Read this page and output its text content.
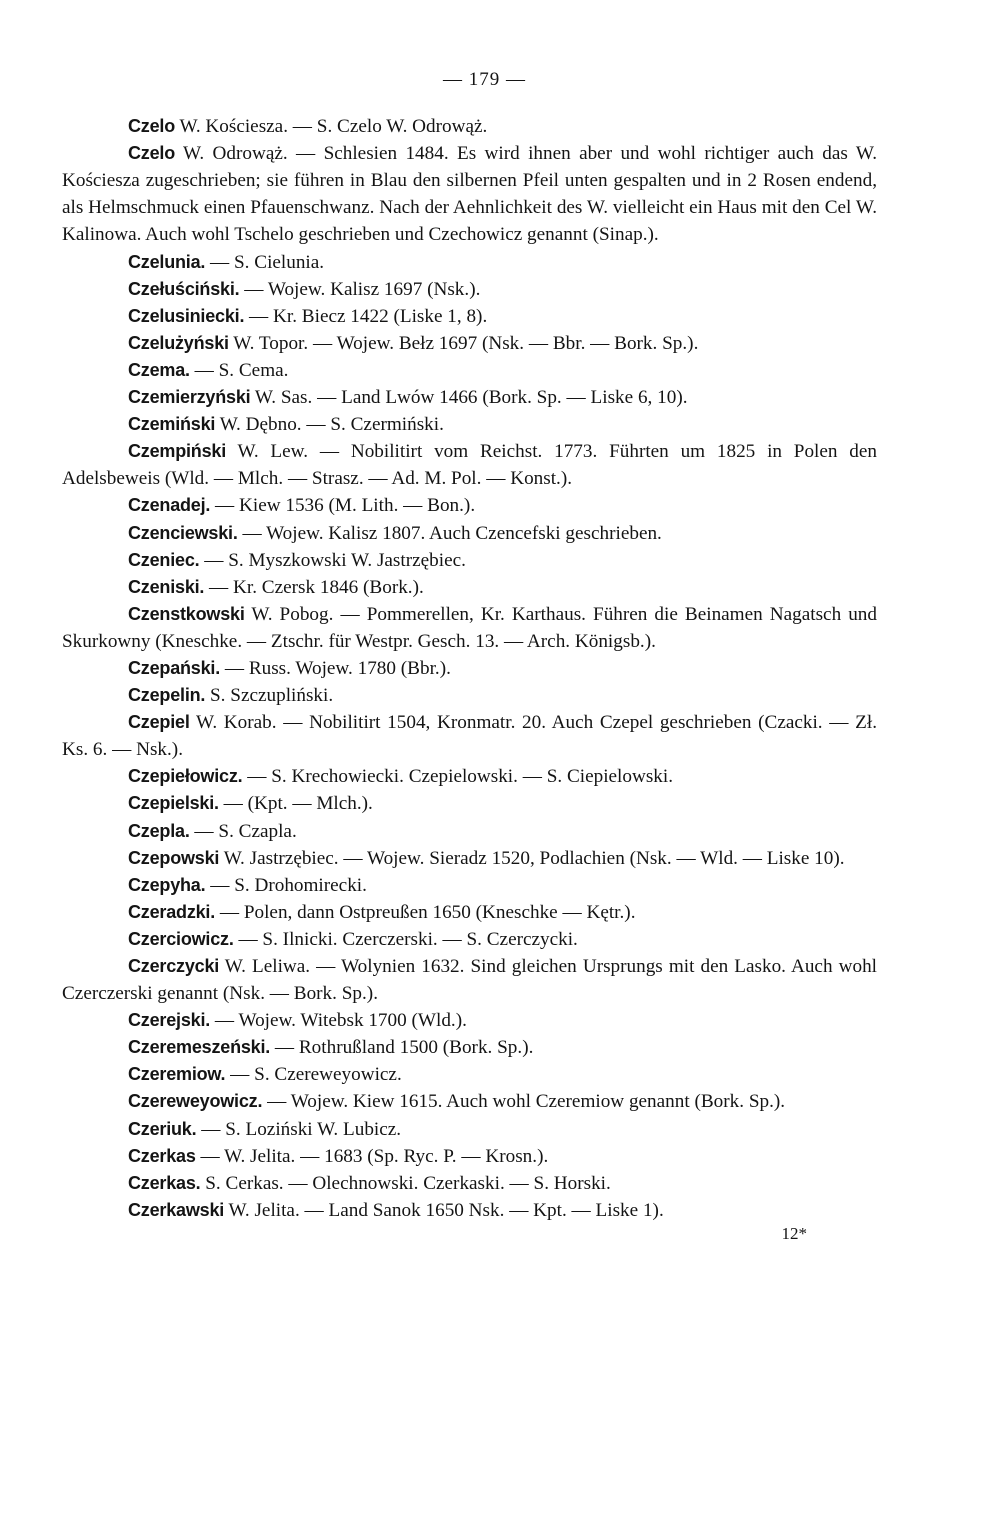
— 179 —

Czelo W. Kościesza. — S. Czelo W. Odrowąż.

Czelo W. Odrowąż. — Schlesien 1484. Es wird ihnen aber und wohl richtiger auch das W. Kościesza zugeschrieben; sie führen in Blau den silbernen Pfeil unten gespalten und in 2 Rosen endend, als Helmschmuck einen Pfauenschwanz. Nach der Aehnlichkeit des W. vielleicht ein Haus mit den Cel W. Kalinowa. Auch wohl Tschelo geschrieben und Czechowicz genannt (Sinap.).

Czelunia. — S. Cielunia.

Czełuściński. — Wojew. Kalisz 1697 (Nsk.).

Czelusiniecki. — Kr. Biecz 1422 (Liske 1, 8).

Czelużyński W. Topor. — Wojew. Bełz 1697 (Nsk. — Bbr. — Bork. Sp.).

Czema. — S. Cema.

Czemierzyński W. Sas. — Land Lwów 1466 (Bork. Sp. — Liske 6, 10).

Czemiński W. Dębno. — S. Czermiński.

Czempiński W. Lew. — Nobilitirt vom Reichst. 1773. Führten um 1825 in Polen den Adelsbeweis (Wld. — Mlch. — Strasz. — Ad. M. Pol. — Konst.).

Czenadej. — Kiew 1536 (M. Lith. — Bon.).

Czenciewski. — Wojew. Kalisz 1807. Auch Czencefski geschrieben.

Czeniec. — S. Myszkowski W. Jastrzębiec.

Czeniski. — Kr. Czersk 1846 (Bork.).

Czenstkowski W. Pobog. — Pommerellen, Kr. Karthaus. Führen die Beinamen Nagatsch und Skurkowny (Kneschke. — Ztschr. für Westpr. Gesch. 13. — Arch. Königsb.).

Czepański. — Russ. Wojew. 1780 (Bbr.).

Czepelin. S. Szczupliński.

Czepiel W. Korab. — Nobilitirt 1504, Kronmatr. 20. Auch Czepel geschrieben (Czacki. — Zł. Ks. 6. — Nsk.).

Czepiełowicz. — S. Krechowiecki. Czepielowski. — S. Ciepielowski.

Czepielski. — (Kpt. — Mlch.).

Czepla. — S. Czapla.

Czepowski W. Jastrzębiec. — Wojew. Sieradz 1520, Podlachien (Nsk. — Wld. — Liske 10).

Czepyha. — S. Drohomirecki.

Czeradzki. — Polen, dann Ostpreußen 1650 (Kneschke — Kętr.).

Czerciowicz. — S. Ilnicki. Czerczerski. — S. Czerczycki.

Czerczycki W. Leliwa. — Wolynien 1632. Sind gleichen Ursprungs mit den Lasko. Auch wohl Czerczerski genannt (Nsk. — Bork. Sp.).

Czerejski. — Wojew. Witebsk 1700 (Wld.).

Czeremeszeński. — Rothrußland 1500 (Bork. Sp.).

Czeremiow. — S. Czereweyowicz.

Czereweyowicz. — Wojew. Kiew 1615. Auch wohl Czeremiow genannt (Bork. Sp.).

Czeriuk. — S. Loziński W. Lubicz.

Czerkas — W. Jelita. — 1683 (Sp. Ryc. P. — Krosn.).

Czerkas. S. Cerkas. — Olechnowski. Czerkaski. — S. Horski.

Czerkawski W. Jelita. — Land Sanok 1650 Nsk. — Kpt. — Liske 1).

12*
